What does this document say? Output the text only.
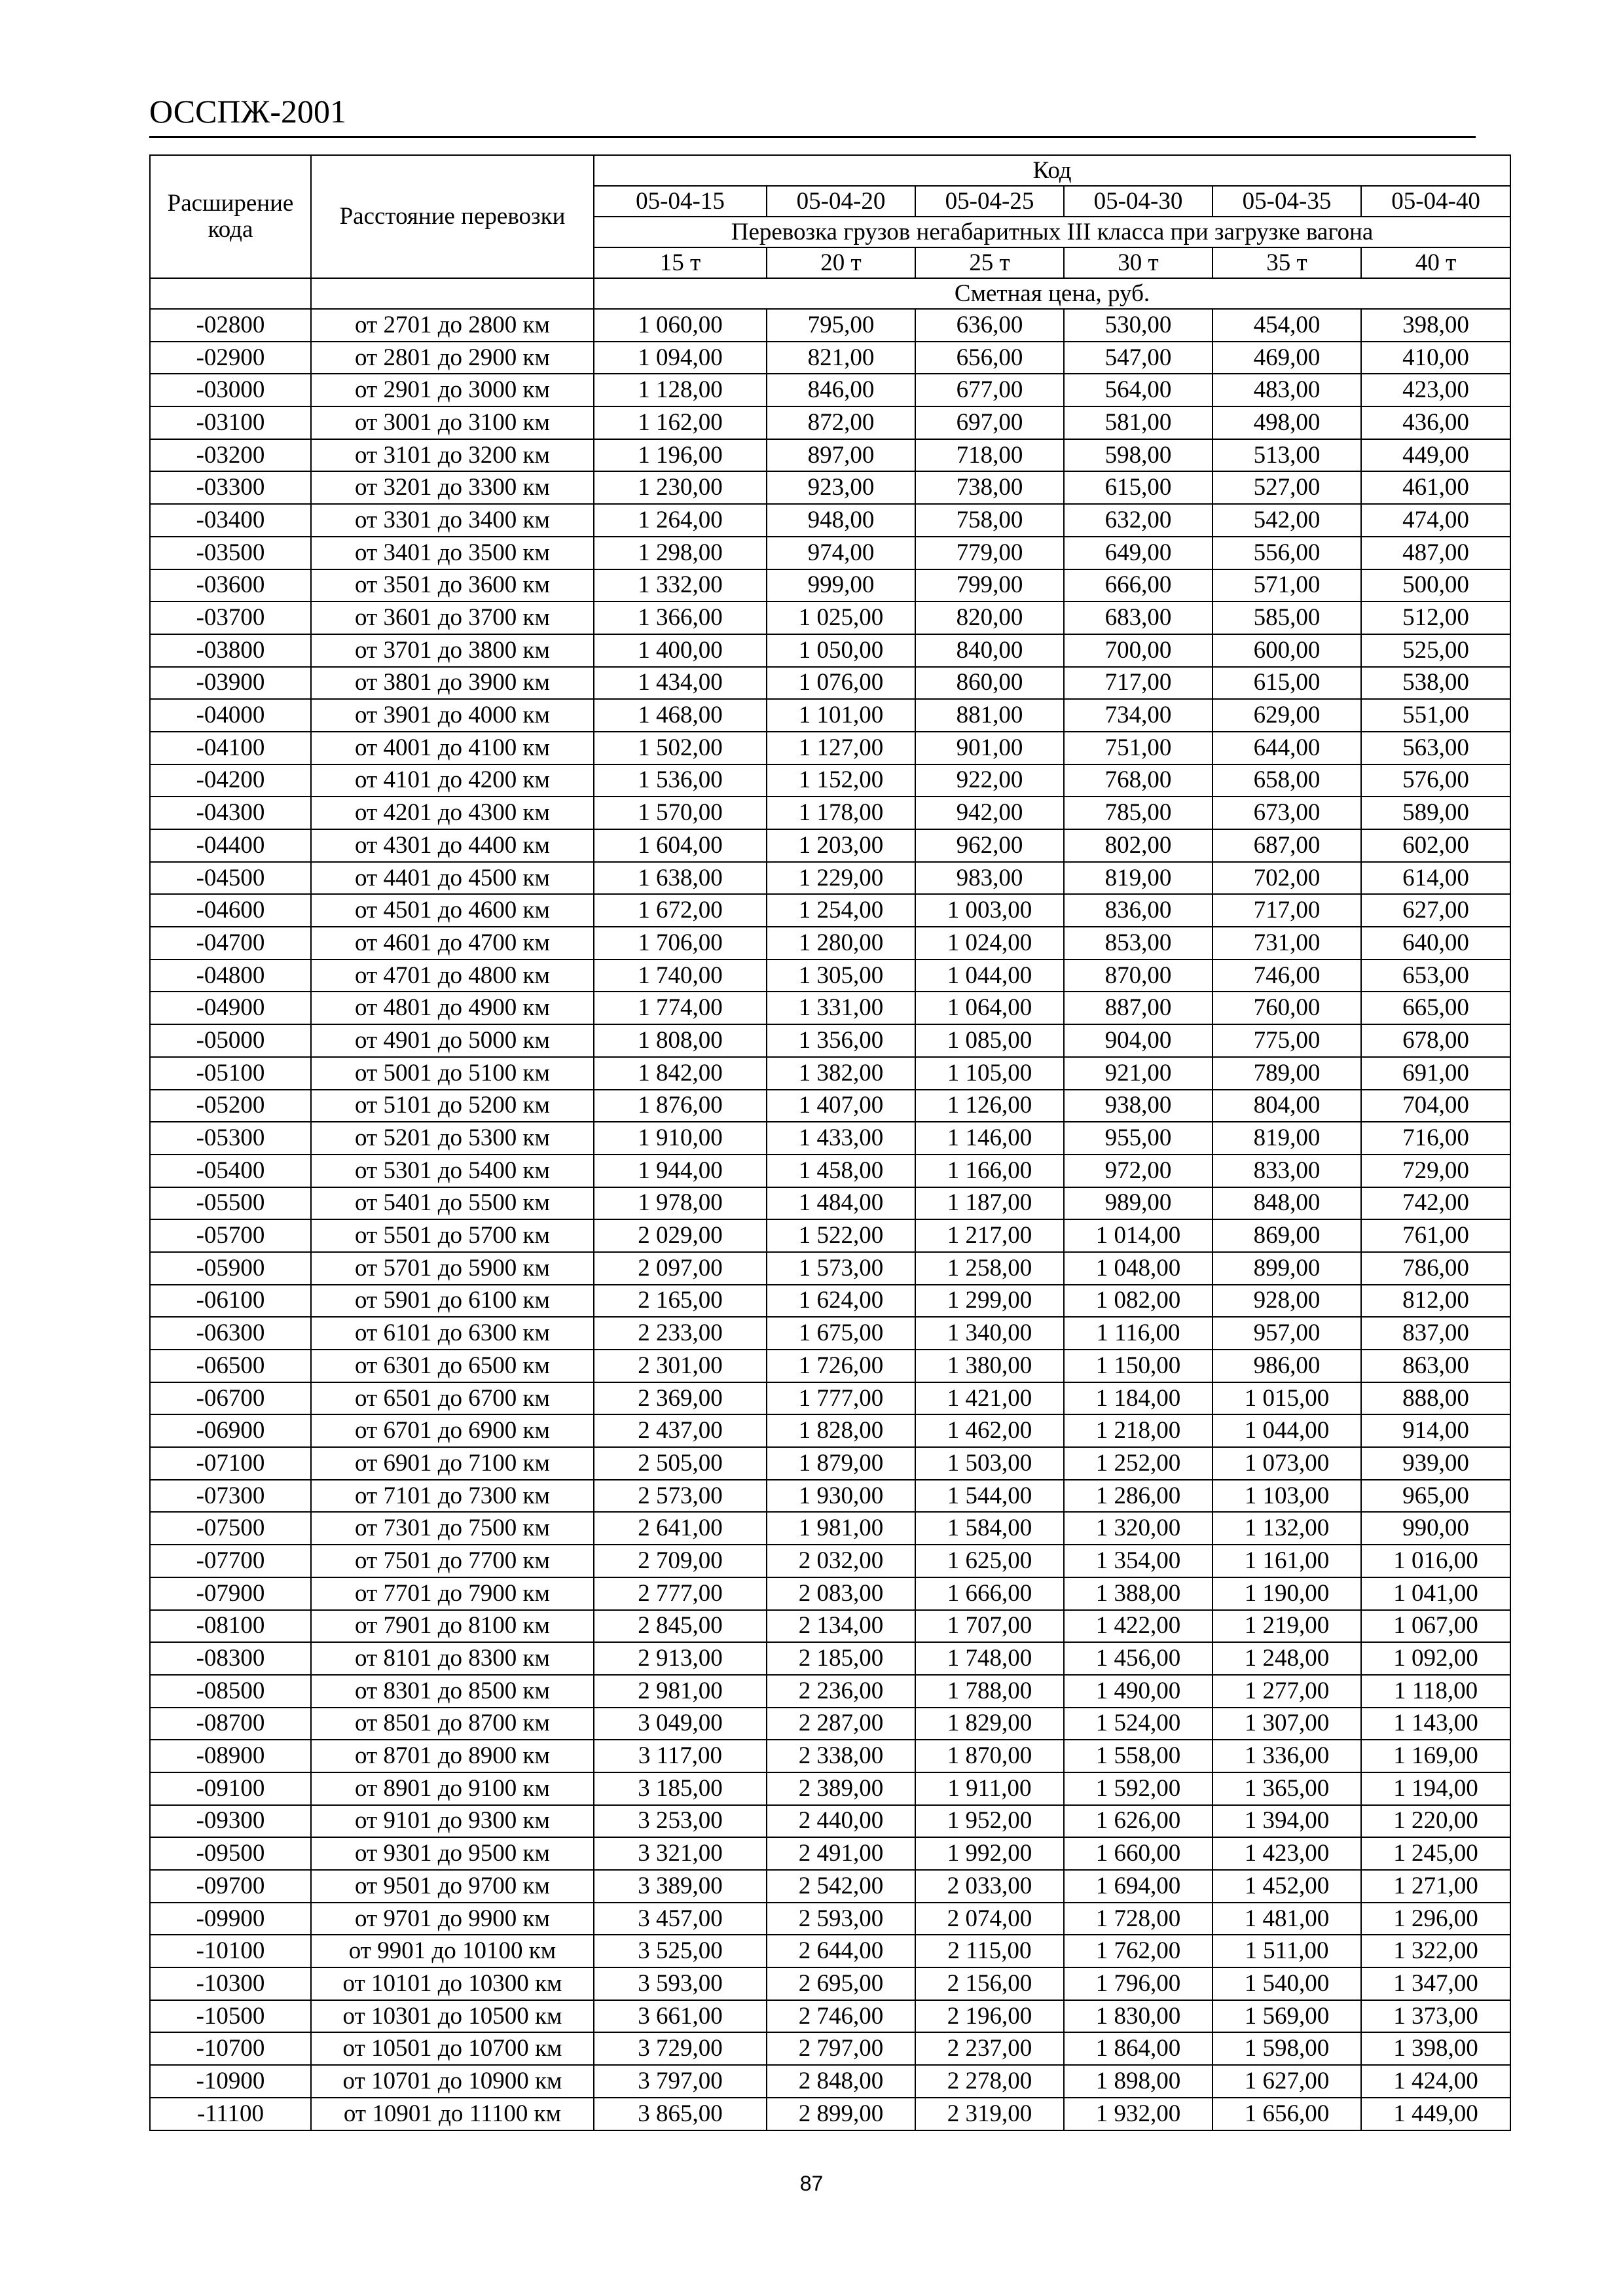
ОССПЖ-2001
Расширение кода	Расстояние перевозки	Код					
		05-04-15	05-04-20	05-04-25	05-04-30	05-04-35	05-04-40
		Перевозка грузов негабаритных III класса при загрузке вагона					
		15 т	20 т	25 т	30 т	35 т	40 т
		Сметная цена, руб.					
-02800	от 2701 до 2800 км	1 060,00	795,00	636,00	530,00	454,00	398,00
-02900	от 2801 до 2900 км	1 094,00	821,00	656,00	547,00	469,00	410,00
-03000	от 2901 до 3000 км	1 128,00	846,00	677,00	564,00	483,00	423,00
-03100	от 3001 до 3100 км	1 162,00	872,00	697,00	581,00	498,00	436,00
-03200	от 3101 до 3200 км	1 196,00	897,00	718,00	598,00	513,00	449,00
-03300	от 3201 до 3300 км	1 230,00	923,00	738,00	615,00	527,00	461,00
-03400	от 3301 до 3400 км	1 264,00	948,00	758,00	632,00	542,00	474,00
-03500	от 3401 до 3500 км	1 298,00	974,00	779,00	649,00	556,00	487,00
-03600	от 3501 до 3600 км	1 332,00	999,00	799,00	666,00	571,00	500,00
-03700	от 3601 до 3700 км	1 366,00	1 025,00	820,00	683,00	585,00	512,00
-03800	от 3701 до 3800 км	1 400,00	1 050,00	840,00	700,00	600,00	525,00
-03900	от 3801 до 3900 км	1 434,00	1 076,00	860,00	717,00	615,00	538,00
-04000	от 3901 до 4000 км	1 468,00	1 101,00	881,00	734,00	629,00	551,00
-04100	от 4001 до 4100 км	1 502,00	1 127,00	901,00	751,00	644,00	563,00
-04200	от 4101 до 4200 км	1 536,00	1 152,00	922,00	768,00	658,00	576,00
-04300	от 4201 до 4300 км	1 570,00	1 178,00	942,00	785,00	673,00	589,00
-04400	от 4301 до 4400 км	1 604,00	1 203,00	962,00	802,00	687,00	602,00
-04500	от 4401 до 4500 км	1 638,00	1 229,00	983,00	819,00	702,00	614,00
-04600	от 4501 до 4600 км	1 672,00	1 254,00	1 003,00	836,00	717,00	627,00
-04700	от 4601 до 4700 км	1 706,00	1 280,00	1 024,00	853,00	731,00	640,00
-04800	от 4701 до 4800 км	1 740,00	1 305,00	1 044,00	870,00	746,00	653,00
-04900	от 4801 до 4900 км	1 774,00	1 331,00	1 064,00	887,00	760,00	665,00
-05000	от 4901 до 5000 км	1 808,00	1 356,00	1 085,00	904,00	775,00	678,00
-05100	от 5001 до 5100 км	1 842,00	1 382,00	1 105,00	921,00	789,00	691,00
-05200	от 5101 до 5200 км	1 876,00	1 407,00	1 126,00	938,00	804,00	704,00
-05300	от 5201 до 5300 км	1 910,00	1 433,00	1 146,00	955,00	819,00	716,00
-05400	от 5301 до 5400 км	1 944,00	1 458,00	1 166,00	972,00	833,00	729,00
-05500	от 5401 до 5500 км	1 978,00	1 484,00	1 187,00	989,00	848,00	742,00
-05700	от 5501 до 5700 км	2 029,00	1 522,00	1 217,00	1 014,00	869,00	761,00
-05900	от 5701 до 5900 км	2 097,00	1 573,00	1 258,00	1 048,00	899,00	786,00
-06100	от 5901 до 6100 км	2 165,00	1 624,00	1 299,00	1 082,00	928,00	812,00
-06300	от 6101 до 6300 км	2 233,00	1 675,00	1 340,00	1 116,00	957,00	837,00
-06500	от 6301 до 6500 км	2 301,00	1 726,00	1 380,00	1 150,00	986,00	863,00
-06700	от 6501 до 6700 км	2 369,00	1 777,00	1 421,00	1 184,00	1 015,00	888,00
-06900	от 6701 до 6900 км	2 437,00	1 828,00	1 462,00	1 218,00	1 044,00	914,00
-07100	от 6901 до 7100 км	2 505,00	1 879,00	1 503,00	1 252,00	1 073,00	939,00
-07300	от 7101 до 7300 км	2 573,00	1 930,00	1 544,00	1 286,00	1 103,00	965,00
-07500	от 7301 до 7500 км	2 641,00	1 981,00	1 584,00	1 320,00	1 132,00	990,00
-07700	от 7501 до 7700 км	2 709,00	2 032,00	1 625,00	1 354,00	1 161,00	1 016,00
-07900	от 7701 до 7900 км	2 777,00	2 083,00	1 666,00	1 388,00	1 190,00	1 041,00
-08100	от 7901 до 8100 км	2 845,00	2 134,00	1 707,00	1 422,00	1 219,00	1 067,00
-08300	от 8101 до 8300 км	2 913,00	2 185,00	1 748,00	1 456,00	1 248,00	1 092,00
-08500	от 8301 до 8500 км	2 981,00	2 236,00	1 788,00	1 490,00	1 277,00	1 118,00
-08700	от 8501 до 8700 км	3 049,00	2 287,00	1 829,00	1 524,00	1 307,00	1 143,00
-08900	от 8701 до 8900 км	3 117,00	2 338,00	1 870,00	1 558,00	1 336,00	1 169,00
-09100	от 8901 до 9100 км	3 185,00	2 389,00	1 911,00	1 592,00	1 365,00	1 194,00
-09300	от 9101 до 9300 км	3 253,00	2 440,00	1 952,00	1 626,00	1 394,00	1 220,00
-09500	от 9301 до 9500 км	3 321,00	2 491,00	1 992,00	1 660,00	1 423,00	1 245,00
-09700	от 9501 до 9700 км	3 389,00	2 542,00	2 033,00	1 694,00	1 452,00	1 271,00
-09900	от 9701 до 9900 км	3 457,00	2 593,00	2 074,00	1 728,00	1 481,00	1 296,00
-10100	от 9901 до 10100 км	3 525,00	2 644,00	2 115,00	1 762,00	1 511,00	1 322,00
-10300	от 10101 до 10300 км	3 593,00	2 695,00	2 156,00	1 796,00	1 540,00	1 347,00
-10500	от 10301 до 10500 км	3 661,00	2 746,00	2 196,00	1 830,00	1 569,00	1 373,00
-10700	от 10501 до 10700 км	3 729,00	2 797,00	2 237,00	1 864,00	1 598,00	1 398,00
-10900	от 10701 до 10900 км	3 797,00	2 848,00	2 278,00	1 898,00	1 627,00	1 424,00
-11100	от 10901 до 11100 км	3 865,00	2 899,00	2 319,00	1 932,00	1 656,00	1 449,00
87
